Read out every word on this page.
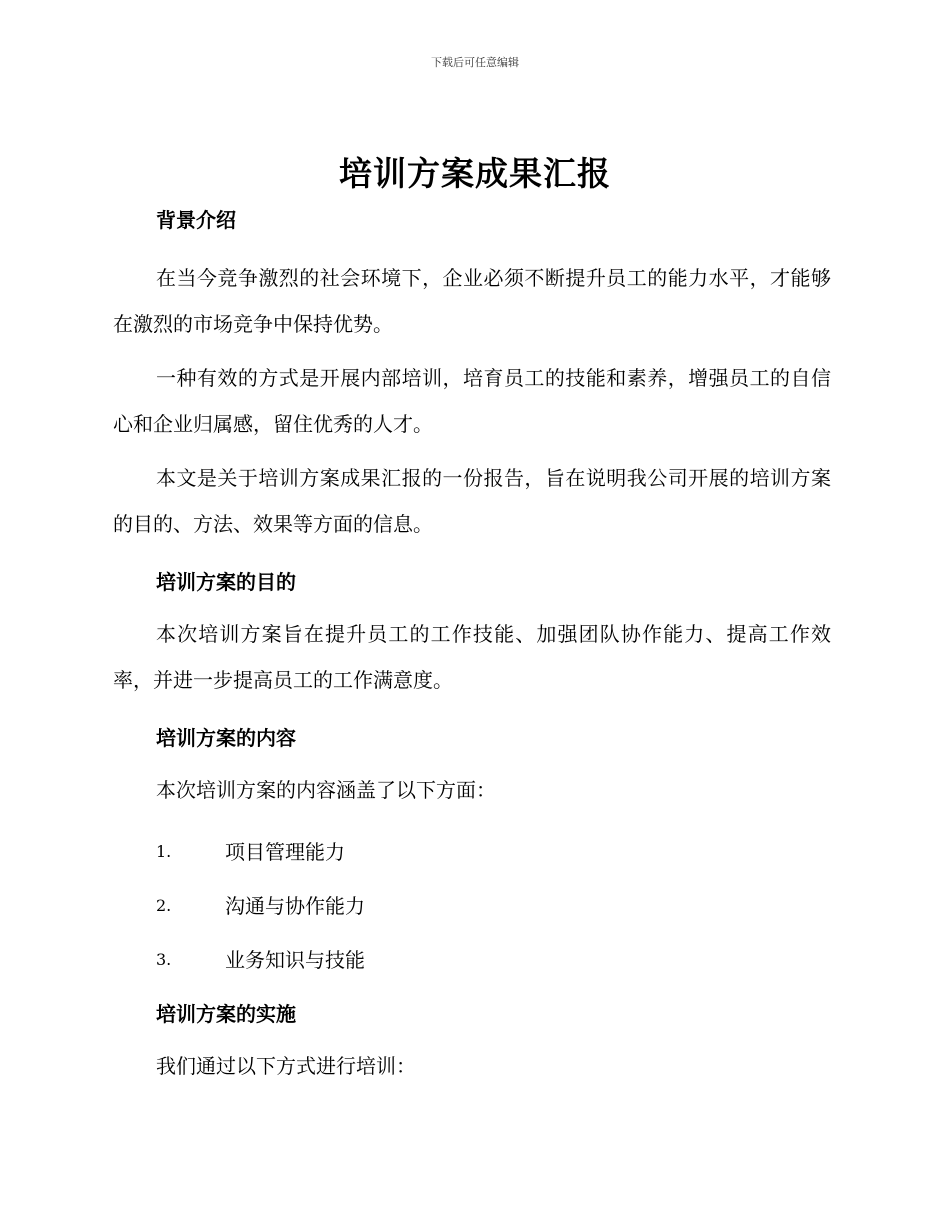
下载后可任意编辑
培训方案成果汇报

背景介绍

在当今竞争激烈的社会环境下，企业必须不断提升员工的能力水平，才能够在激烈的市场竞争中保持优势。

一种有效的方式是开展内部培训，培育员工的技能和素养，增强员工的自信心和企业归属感，留住优秀的人才。

本文是关于培训方案成果汇报的一份报告，旨在说明我公司开展的培训方案的目的、方法、效果等方面的信息。

培训方案的目的

本次培训方案旨在提升员工的工作技能、加强团队协作能力、提高工作效率，并进一步提高员工的工作满意度。

培训方案的内容

本次培训方案的内容涵盖了以下方面：

1.	项目管理能力
2.	沟通与协作能力
3.	业务知识与技能

培训方案的实施

我们通过以下方式进行培训：
